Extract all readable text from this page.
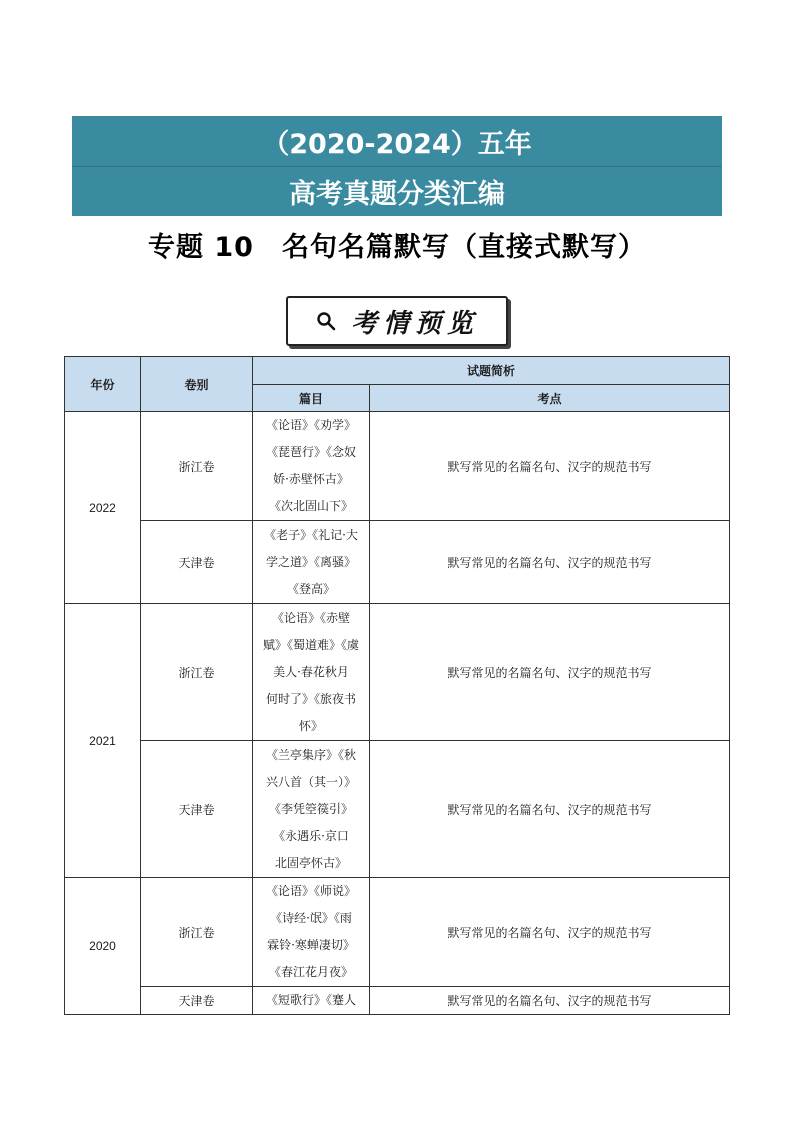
（2020-2024）五年
高考真题分类汇编
专题 10 名句名篇默写（直接式默写）
考情预览
年份	卷别	试题简析	
		篇目	考点
2022	浙江卷	《论语》《劝学》
《琵琶行》《念奴
娇·赤壁怀古》
《次北固山下》	默写常见的名篇名句、汉字的规范书写
	天津卷	《老子》《礼记·大
学之道》《离骚》
《登高》	默写常见的名篇名句、汉字的规范书写
2021	浙江卷	《论语》《赤壁
赋》《蜀道难》《虞
美人·春花秋月
何时了》《旅夜书
怀》	默写常见的名篇名句、汉字的规范书写
	天津卷	《兰亭集序》《秋
兴八首（其一）》
《李凭箜篌引》
《永遇乐·京口
北固亭怀古》	默写常见的名篇名句、汉字的规范书写
2020	浙江卷	《论语》《师说》
《诗经·氓》《雨
霖铃·寒蝉凄切》
《春江花月夜》	默写常见的名篇名句、汉字的规范书写
	天津卷	《短歌行》《蹇人	默写常见的名篇名句、汉字的规范书写
